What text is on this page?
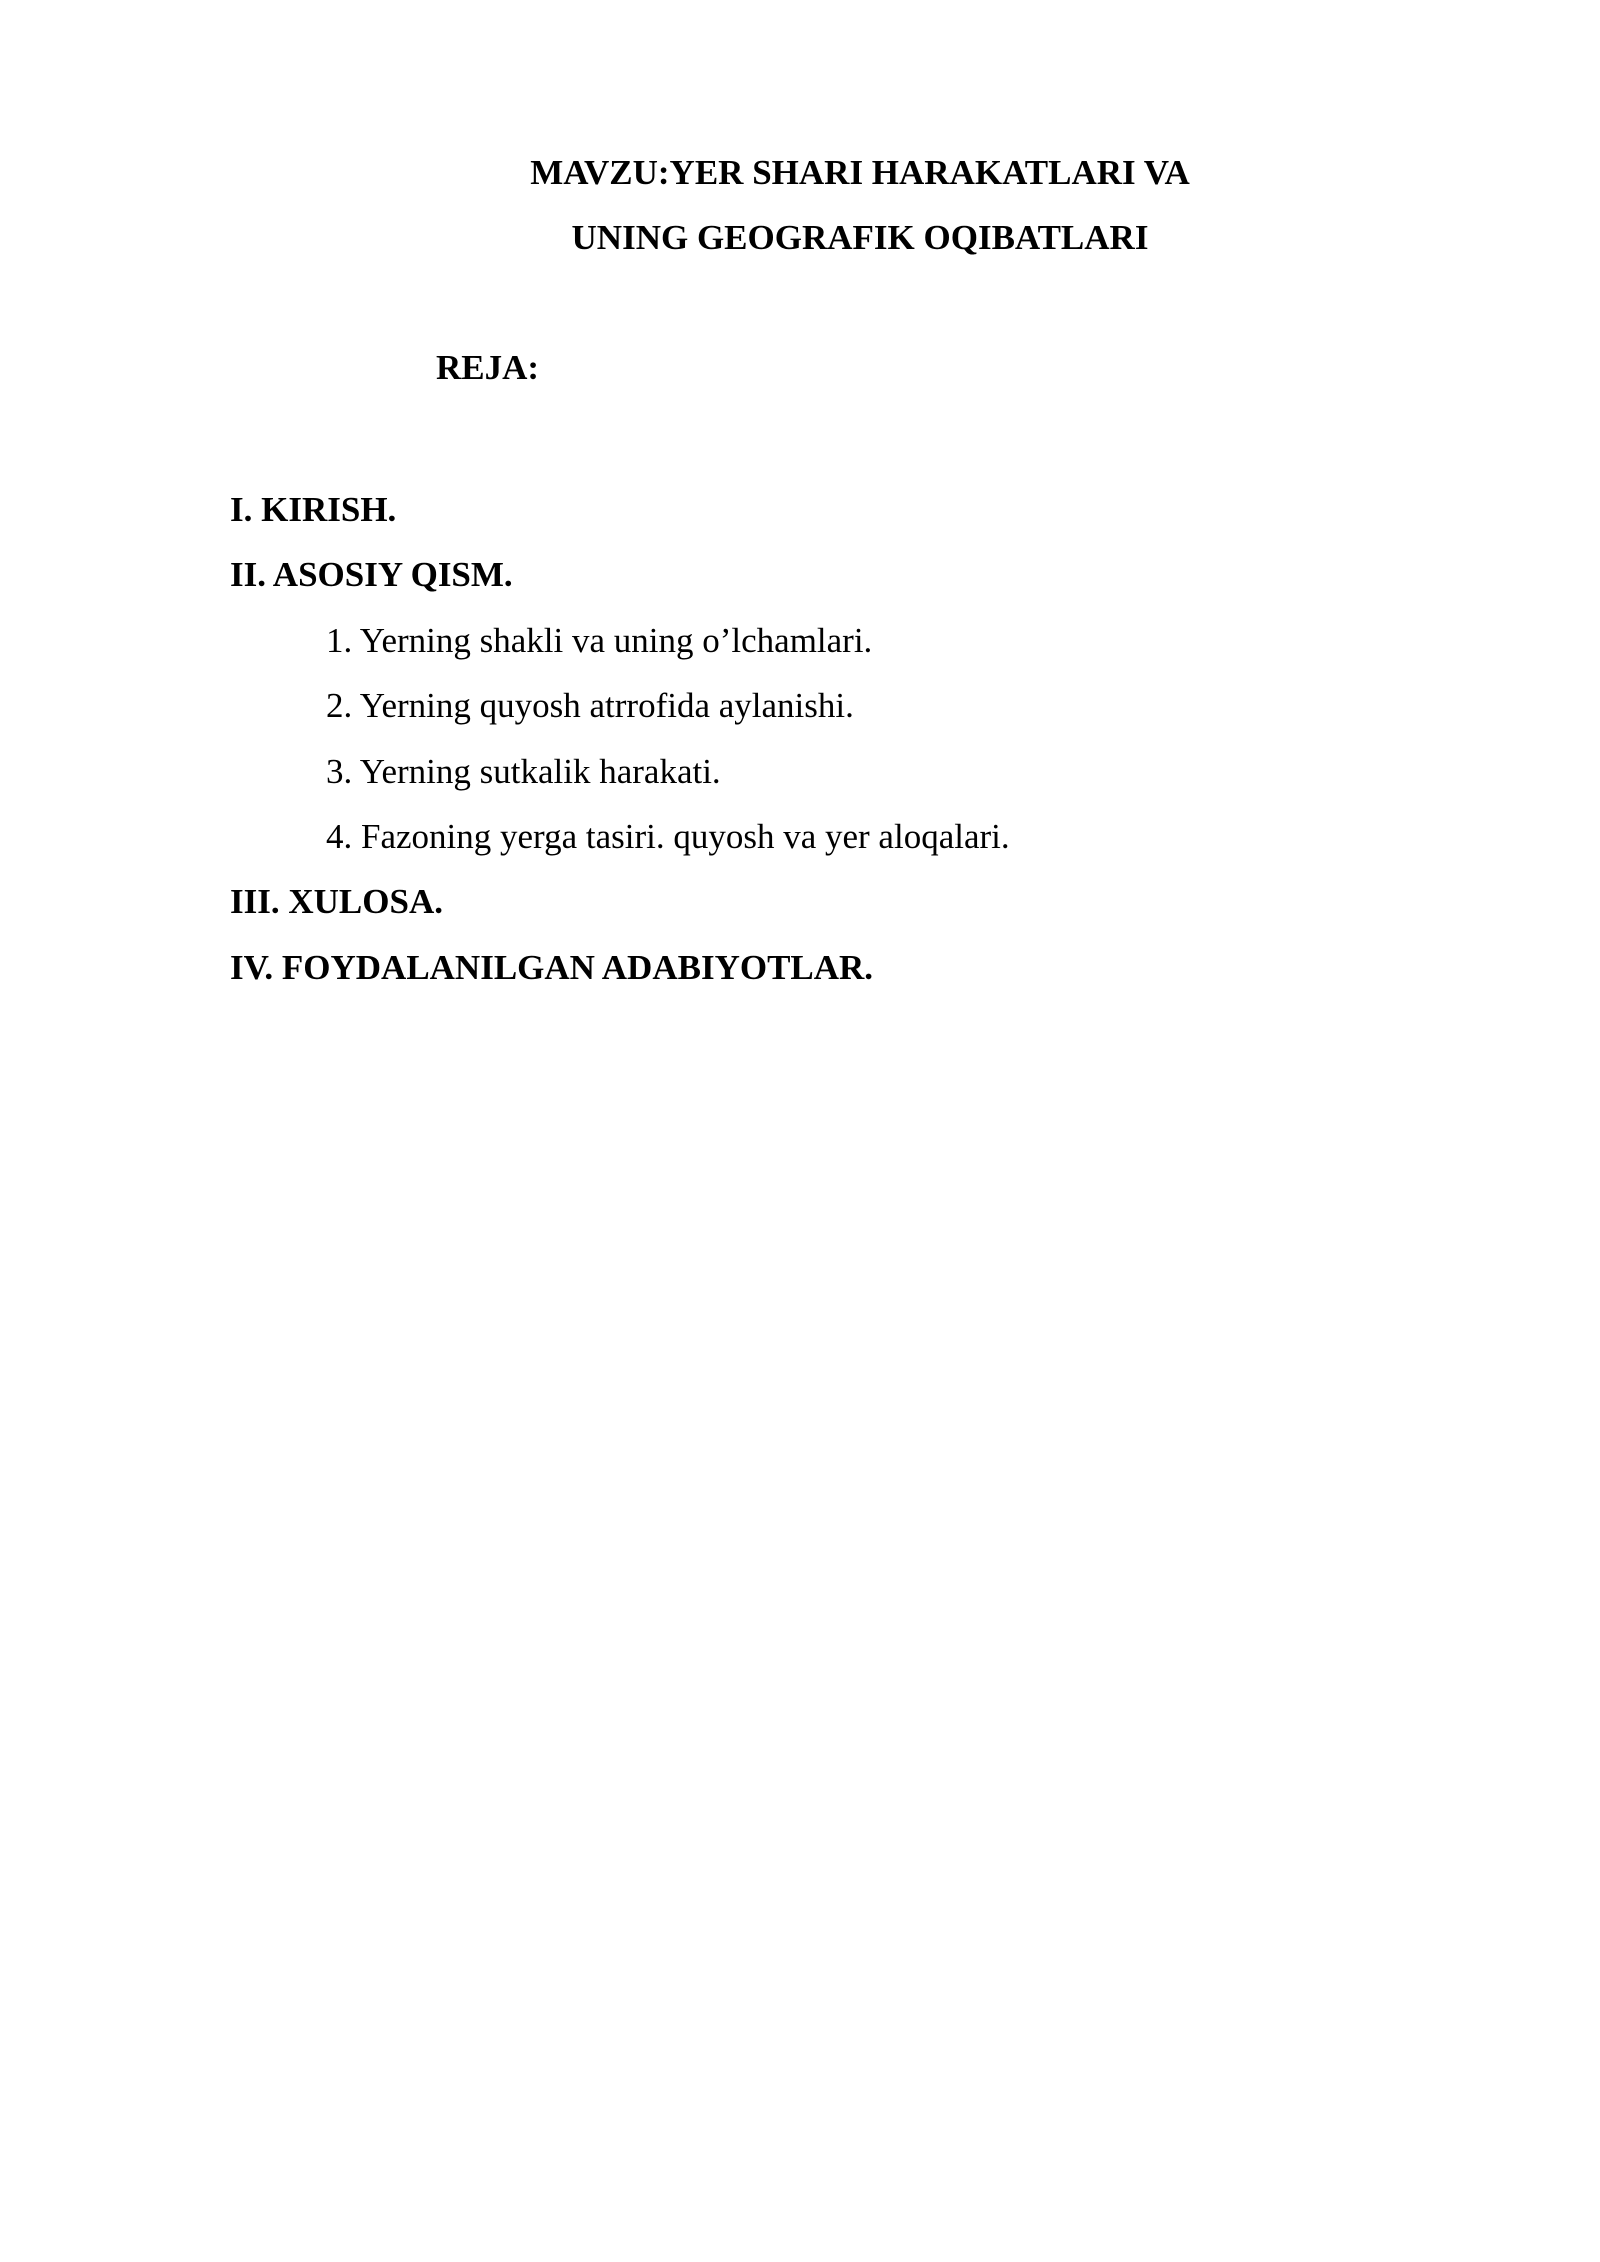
MAVZU:YER SHARI HARAKATLARI VA
UNING GEOGRAFIK OQIBATLARI
REJA:
I. KIRISH.
II. ASOSIY QISM.
1. Yerning shakli va uning o’lchamlari.
2. Yerning quyosh atrrofida aylanishi.
3. Yerning sutkalik harakati.
4. Fazoning yerga tasiri. quyosh va yer aloqalari.
III. XULOSA.
IV. FOYDALANILGAN ADABIYOTLAR.
